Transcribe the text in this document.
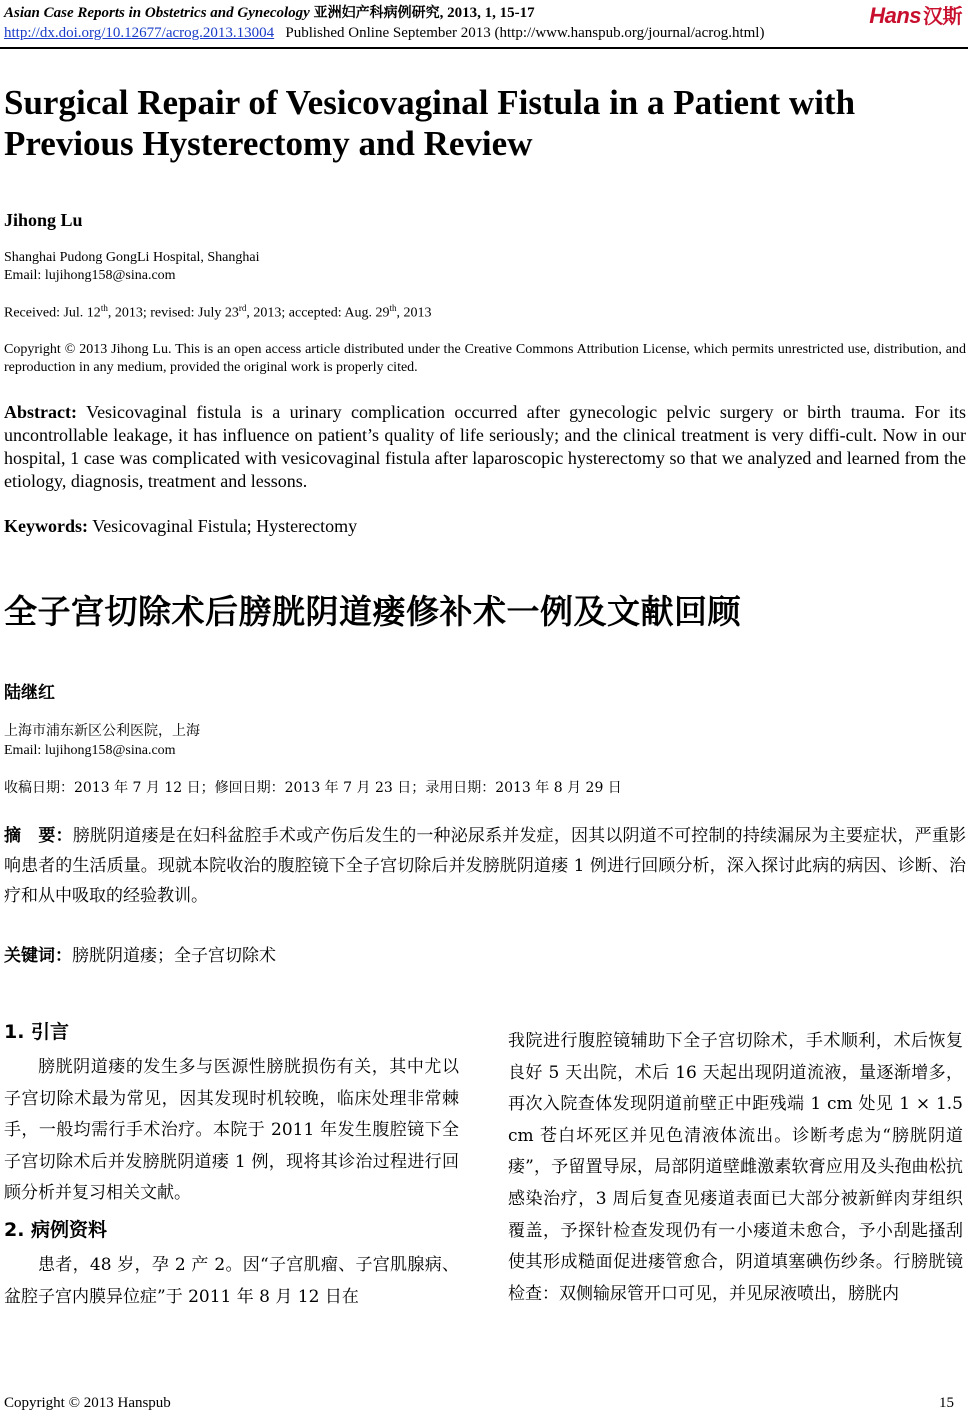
Asian Case Reports in Obstetrics and Gynecology 亚洲妇产科病例研究, 2013, 1, 15-17	Hans 汉斯
http://dx.doi.org/10.12677/acrog.2013.13004 Published Online September 2013 (http://www.hanspub.org/journal/acrog.html)
Surgical Repair of Vesicovaginal Fistula in a Patient with Previous Hysterectomy and Review
Jihong Lu
Shanghai Pudong GongLi Hospital, Shanghai
Email: lujihong158@sina.com
Received: Jul. 12th, 2013; revised: July 23rd, 2013; accepted: Aug. 29th, 2013
Copyright © 2013 Jihong Lu. This is an open access article distributed under the Creative Commons Attribution License, which permits unrestricted use, distribution, and reproduction in any medium, provided the original work is properly cited.
Abstract: Vesicovaginal fistula is a urinary complication occurred after gynecologic pelvic surgery or birth trauma. For its uncontrollable leakage, it has influence on patient’s quality of life seriously; and the clinical treatment is very diffi-cult. Now in our hospital, 1 case was complicated with vesicovaginal fistula after laparoscopic hysterectomy so that we analyzed and learned from the etiology, diagnosis, treatment and lessons.
Keywords: Vesicovaginal Fistula; Hysterectomy
全子宫切除术后膀胱阴道瘘修补术一例及文献回顾
陆继红
上海市浦东新区公利医院，上海
Email: lujihong158@sina.com
收稿日期：2013 年 7 月 12 日；修回日期：2013 年 7 月 23 日；录用日期：2013 年 8 月 29 日
摘　要：膀胱阴道瘘是在妇科盆腔手术或产伤后发生的一种泌尿系并发症，因其以阴道不可控制的持续漏尿为主要症状，严重影响患者的生活质量。现就本院收治的腹腔镜下全子宫切除后并发膀胱阴道瘘 1 例进行回顾分析，深入探讨此病的病因、诊断、治疗和从中吸取的经验教训。
关键词：膀胱阴道瘘；全子宫切除术
1. 引言

膀胱阴道瘘的发生多与医源性膀胱损伤有关，其中尤以子宫切除术最为常见，因其发现时机较晚，临床处理非常棘手，一般均需行手术治疗。本院于 2011 年发生腹腔镜下全子宫切除术后并发膀胱阴道瘘 1 例，现将其诊治过程进行回顾分析并复习相关文献。

2. 病例资料

患者，48 岁，孕 2 产 2。因“子宫肌瘤、子宫肌腺病、盆腔子宫内膜异位症”于 2011 年 8 月 12 日在

我院进行腹腔镜辅助下全子宫切除术，手术顺利，术后恢复良好 5 天出院，术后 16 天起出现阴道流液，量逐渐增多，再次入院查体发现阴道前壁正中距残端 1 cm 处见 1 × 1.5 cm 苍白坏死区并见色清液体流出。诊断考虑为“膀胱阴道瘘”，予留置导尿，局部阴道壁雌激素软膏应用及头孢曲松抗感染治疗，3 周后复查见瘘道表面已大部分被新鲜肉芽组织覆盖，予探针检查发现仍有一小瘘道未愈合，予小刮匙搔刮使其形成糙面促进瘘管愈合，阴道填塞碘伤纱条。行膀胱镜检查：双侧输尿管开口可见，并见尿液喷出，膀胱内

Copyright © 2013 Hanspub	15
